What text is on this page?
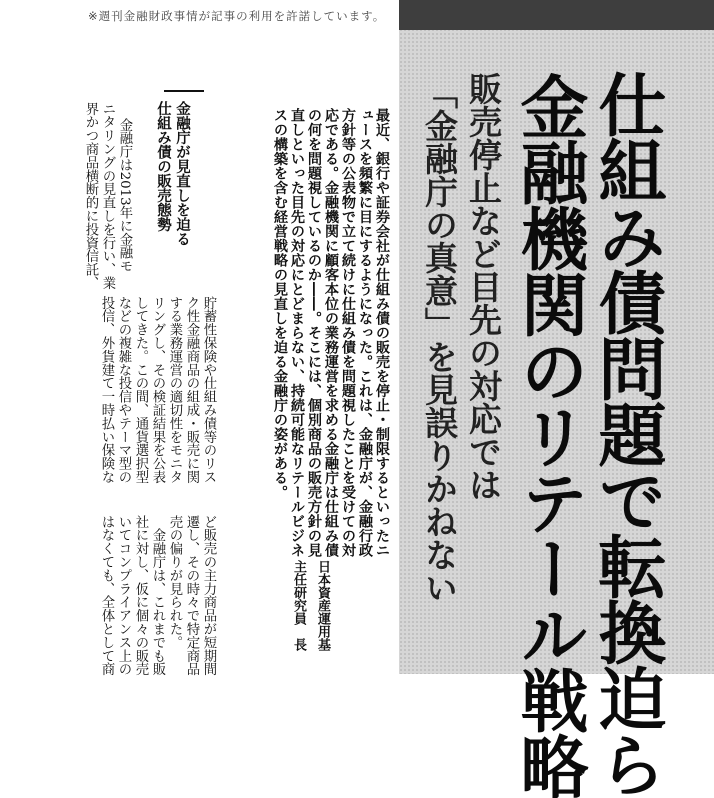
※週刊金融財政事情が記事の利用を許諾しています。
仕組み債問題で転換迫ら
金融機関のリテール戦略
販売停止など目先の対応では
「金融庁の真意」を見誤りかねない
最近、銀行や証券会社が仕組み債の販売を停止・制限するといったニ
ュースを頻繁に目にするようになった。これは、金融庁が、金融行政
方針等の公表物で立て続けに仕組み債を問題視したことを受けての対
応である。金融機関に顧客本位の業務運営を求める金融庁は仕組み債
の何を問題視しているのか――。そこには、個別商品の販売方針の見
直しといった目先の対応にとどまらない、持続可能なリテールビジネ
スの構築を含む経営戦略の見直しを迫る金融庁の姿がある。
日本資産運用基
主任研究員　長
金融庁が見直しを迫る
仕組み債の販売態勢
金融庁は2013年に金融モ
ニタリングの見直しを行い、業
界かつ商品横断的に投資信託、
貯蓄性保険や仕組み債等のリス
ク性金融商品の組成・販売に関
する業務運営の適切性をモニタ
リングし、その検証結果を公表
してきた。この間、通貨選択型
などの複雑な投信やテーマ型の
投信、外貨建て一時払い保険な
ど販売の主力商品が短期間
遷し、その時々で特定商品
売の偏りが見られた。
　金融庁は、これまでも販
社に対し、仮に個々の販売
いてコンプライアンス上の
はなくても、全体として商
